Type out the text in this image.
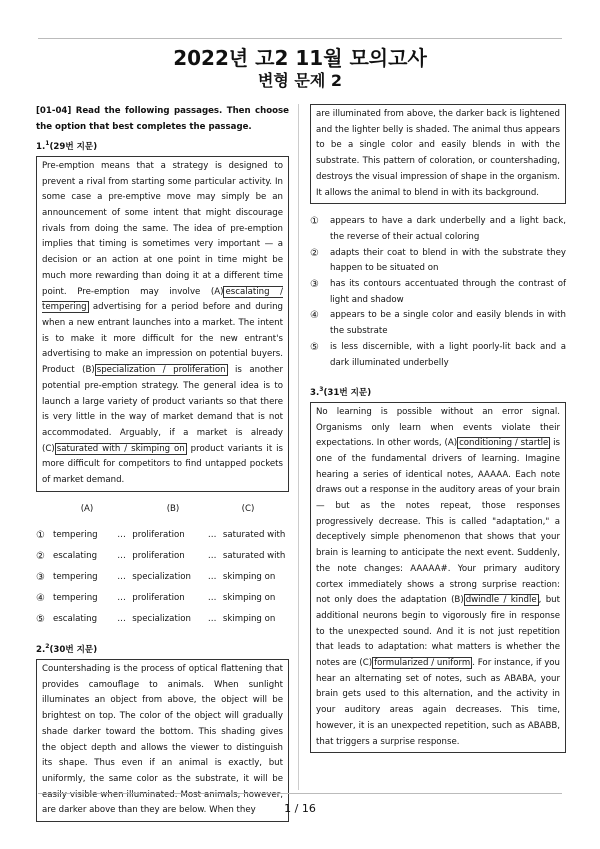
2022년 고2 11월 모의고사
변형 문제 2
[01-04] Read the following passages. Then choose the option that best completes the passage.
1.$^1$(29번 지문)
Pre-emption means that a strategy is designed to prevent a rival from starting some particular activity. In some case a pre-emptive move may simply be an announcement of some intent that might discourage rivals from doing the same. The idea of pre-emption implies that timing is sometimes very important — a decision or an action at one point in time might be much more rewarding than doing it at a different time point. Pre-emption may involve (A) escalating / tempering advertising for a period before and during when a new entrant launches into a market. The intent is to make it more difficult for the new entrant's advertising to make an impression on potential buyers. Product (B) specialization / proliferation is another potential pre-emption strategy. The general idea is to launch a large variety of product variants so that there is very little in the way of market demand that is not accommodated. Arguably, if a market is already (C) saturated with / skimping on product variants it is more difficult for competitors to find untapped pockets of market demand.
(A)	(B)	(C)
① tempering	… proliferation	… saturated with
② escalating	… proliferation	… saturated with
③ tempering	… specialization	… skimping on
④ tempering	… proliferation	… skimping on
⑤ escalating	… specialization	… skimping on
2.$^2$(30번 지문)
Countershading is the process of optical flattening that provides camouflage to animals. When sunlight illuminates an object from above, the object will be brightest on top. The color of the object will gradually shade darker toward the bottom. This shading gives the object depth and allows the viewer to distinguish its shape. Thus even if an animal is exactly, but uniformly, the same color as the substrate, it will be easily visible when illuminated. Most animals, however, are darker above than they are below. When they
are illuminated from above, the darker back is lightened and the lighter belly is shaded. The animal thus appears to be a single color and easily blends in with the substrate. This pattern of coloration, or countershading, destroys the visual impression of shape in the organism. It allows the animal to blend in with its background.
①	appears to have a dark underbelly and a light back, the reverse of their actual coloring
②	adapts their coat to blend in with the substrate they happen to be situated on
③	has its contours accentuated through the contrast of light and shadow
④	appears to be a single color and easily blends in with the substrate
⑤	is less discernible, with a light poorly-lit back and a dark illuminated underbelly
3.$^3$(31번 지문)
No learning is possible without an error signal. Organisms only learn when events violate their expectations. In other words, (A) conditioning / startle is one of the fundamental drivers of learning. Imagine hearing a series of identical notes, AAAAA. Each note draws out a response in the auditory areas of your brain — but as the notes repeat, those responses progressively decrease. This is called "adaptation," a deceptively simple phenomenon that shows that your brain is learning to anticipate the next event. Suddenly, the note changes: AAAAA#. Your primary auditory cortex immediately shows a strong surprise reaction: not only does the adaptation (B) dwindle / kindle , but additional neurons begin to vigorously fire in response to the unexpected sound. And it is not just repetition that leads to adaptation: what matters is whether the notes are (C) formularized / uniform . For instance, if you hear an alternating set of notes, such as ABABA, your brain gets used to this alternation, and the activity in your auditory areas again decreases. This time, however, it is an unexpected repetition, such as ABABB, that triggers a surprise response.
1 / 16
